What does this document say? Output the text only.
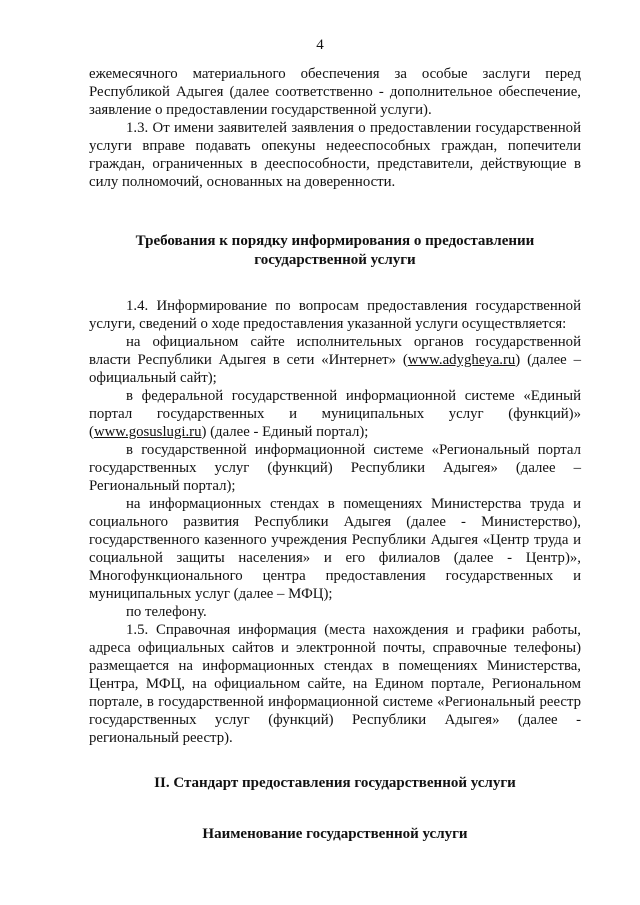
4

ежемесячного материального обеспечения за особые заслуги перед Республикой Адыгея (далее соответственно - дополнительное обеспечение, заявление о предоставлении государственной услуги).

1.3. От имени заявителей заявления о предоставлении государственной услуги вправе подавать опекуны недееспособных граждан, попечители граждан, ограниченных в дееспособности, представители, действующие в силу полномочий, основанных на доверенности.

Требования к порядку информирования о предоставлении
государственной услуги

1.4. Информирование по вопросам предоставления государственной услуги, сведений о ходе предоставления указанной услуги осуществляется:

на официальном сайте исполнительных органов государственной власти Республики Адыгея в сети «Интернет» (www.adygheya.ru) (далее – официальный сайт);

в федеральной государственной информационной системе «Единый портал государственных и муниципальных услуг (функций)» (www.gosuslugi.ru) (далее - Единый портал);

в государственной информационной системе «Региональный портал государственных услуг (функций) Республики Адыгея» (далее – Региональный портал);

на информационных стендах в помещениях Министерства труда и социального развития Республики Адыгея (далее - Министерство), государственного казенного учреждения Республики Адыгея «Центр труда и социальной защиты населения» и его филиалов (далее - Центр)», Многофункционального центра предоставления государственных и муниципальных услуг (далее – МФЦ);

по телефону.

1.5. Справочная информация (места нахождения и графики работы, адреса официальных сайтов и электронной почты, справочные телефоны) размещается на информационных стендах в помещениях Министерства, Центра, МФЦ, на официальном сайте, на Едином портале, Региональном портале, в государственной информационной системе «Региональный реестр государственных услуг (функций) Республики Адыгея» (далее - региональный реестр).

II. Стандарт предоставления государственной услуги
Наименование государственной услуги
